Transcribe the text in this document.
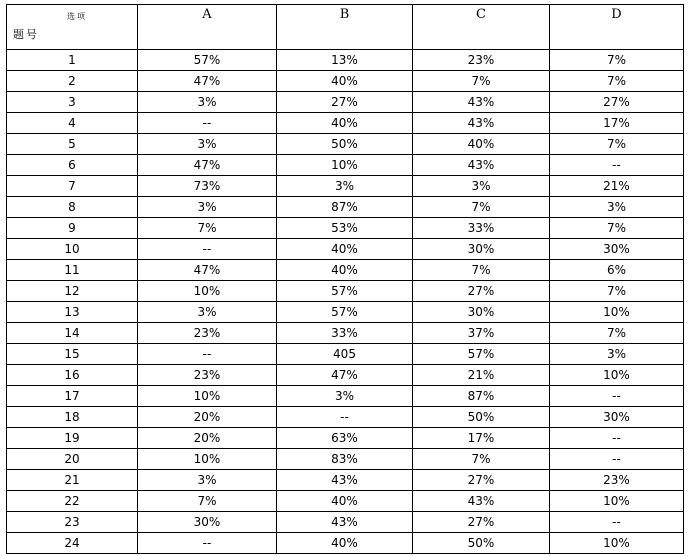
选项
题号	A	B	C	D
1	57%	13%	23%	7%
2	47%	40%	7%	7%
3	3%	27%	43%	27%
4	--	40%	43%	17%
5	3%	50%	40%	7%
6	47%	10%	43%	--
7	73%	3%	3%	21%
8	3%	87%	7%	3%
9	7%	53%	33%	7%
10	--	40%	30%	30%
11	47%	40%	7%	6%
12	10%	57%	27%	7%
13	3%	57%	30%	10%
14	23%	33%	37%	7%
15	--	405	57%	3%
16	23%	47%	21%	10%
17	10%	3%	87%	--
18	20%	--	50%	30%
19	20%	63%	17%	--
20	10%	83%	7%	--
21	3%	43%	27%	23%
22	7%	40%	43%	10%
23	30%	43%	27%	--
24	--	40%	50%	10%
